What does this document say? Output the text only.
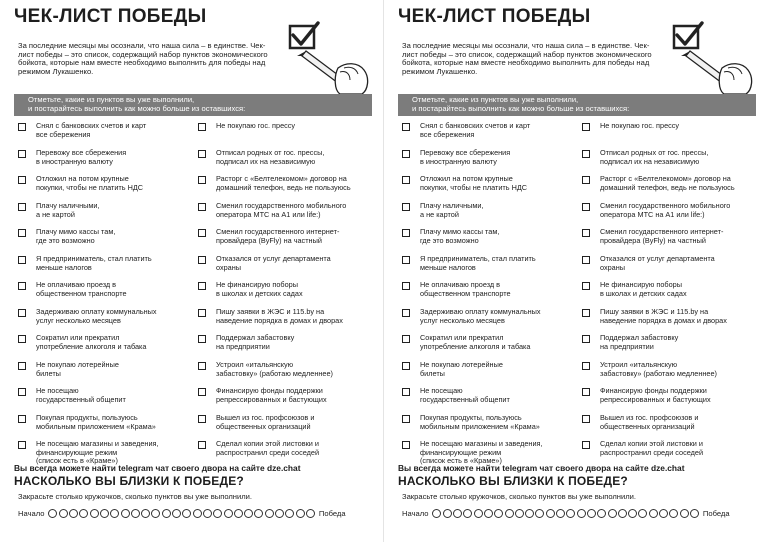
ЧЕК-ЛИСТ ПОБЕДЫ
За последние месяцы мы осознали, что наша сила – в единстве. Чек-лист победы – это список, содержащий набор пунктов экономического бойкота, которые нам вместе необходимо выполнить для победы над режимом Лукашенко.
Отметьте, какие из пунктов вы уже выполнили,
и постарайтесь выполнить как можно больше из оставшихся:
Снял с банковских счетов и карт
все сбережения
Перевожу все сбережения
в иностранную валюту
Отложил на потом крупные
покупки, чтобы не платить НДС
Плачу наличными,
а не картой
Плачу мимо кассы там,
где это возможно
Я предприниматель, стал платить
меньше налогов
Не оплачиваю проезд в
общественном транспорте
Задерживаю оплату коммунальных
услуг несколько месяцев
Сократил или прекратил
употребление алкоголя и табака
Не покупаю лотерейные
билеты
Не посещаю
государственный общепит
Покупая продукты, пользуюсь
мобильным приложением «Крама»
Не посещаю магазины и заведения,
финансирующие режим
(список есть в «Крамe»)
Не покупаю гос. прессу
Отписал родных от гос. прессы,
подписал их на независимую
Расторг с «Белтелекомом» договор на
домашний телефон, ведь не пользуюсь
Сменил государственного мобильного
оператора МТС на А1 или life:)
Сменил государственного интернет-
провайдера (ByFly) на частный
Отказался от услуг департамента
охраны
Не финансирую поборы
в школах и детских садах
Пишу заявки в ЖЭС и 115.by на
наведение порядка в домах и дворах
Поддержал забастовку
на предприятии
Устроил «итальянскую
забастовку» (работаю медленнее)
Финансирую фонды поддержки
репрессированных и бастующих
Вышел из гос. профсоюзов и
общественных организаций
Сделал копии этой листовки и
распространил среди соседей
Вы всегда можете найти telegram чат своего двора на сайте dze.chat
НАСКОЛЬКО ВЫ БЛИЗКИ К ПОБЕДЕ?
Закрасьте столько кружочков, сколько пунктов вы уже выполнили.
Начало	Победа
ЧЕК-ЛИСТ ПОБЕДЫ
За последние месяцы мы осознали, что наша сила – в единстве. Чек-лист победы – это список, содержащий набор пунктов экономического бойкота, которые нам вместе необходимо выполнить для победы над режимом Лукашенко.
Отметьте, какие из пунктов вы уже выполнили,
и постарайтесь выполнить как можно больше из оставшихся:
Снял с банковских счетов и карт
все сбережения
Перевожу все сбережения
в иностранную валюту
Отложил на потом крупные
покупки, чтобы не платить НДС
Плачу наличными,
а не картой
Плачу мимо кассы там,
где это возможно
Я предприниматель, стал платить
меньше налогов
Не оплачиваю проезд в
общественном транспорте
Задерживаю оплату коммунальных
услуг несколько месяцев
Сократил или прекратил
употребление алкоголя и табака
Не покупаю лотерейные
билеты
Не посещаю
государственный общепит
Покупая продукты, пользуюсь
мобильным приложением «Крама»
Не посещаю магазины и заведения,
финансирующие режим
(список есть в «Крамe»)
Не покупаю гос. прессу
Отписал родных от гос. прессы,
подписал их на независимую
Расторг с «Белтелекомом» договор на
домашний телефон, ведь не пользуюсь
Сменил государственного мобильного
оператора МТС на А1 или life:)
Сменил государственного интернет-
провайдера (ByFly) на частный
Отказался от услуг департамента
охраны
Не финансирую поборы
в школах и детских садах
Пишу заявки в ЖЭС и 115.by на
наведение порядка в домах и дворах
Поддержал забастовку
на предприятии
Устроил «итальянскую
забастовку» (работаю медленнее)
Финансирую фонды поддержки
репрессированных и бастующих
Вышел из гос. профсоюзов и
общественных организаций
Сделал копии этой листовки и
распространил среди соседей
Вы всегда можете найти telegram чат своего двора на сайте dze.chat
НАСКОЛЬКО ВЫ БЛИЗКИ К ПОБЕДЕ?
Закрасьте столько кружочков, сколько пунктов вы уже выполнили.
Начало	Победа
